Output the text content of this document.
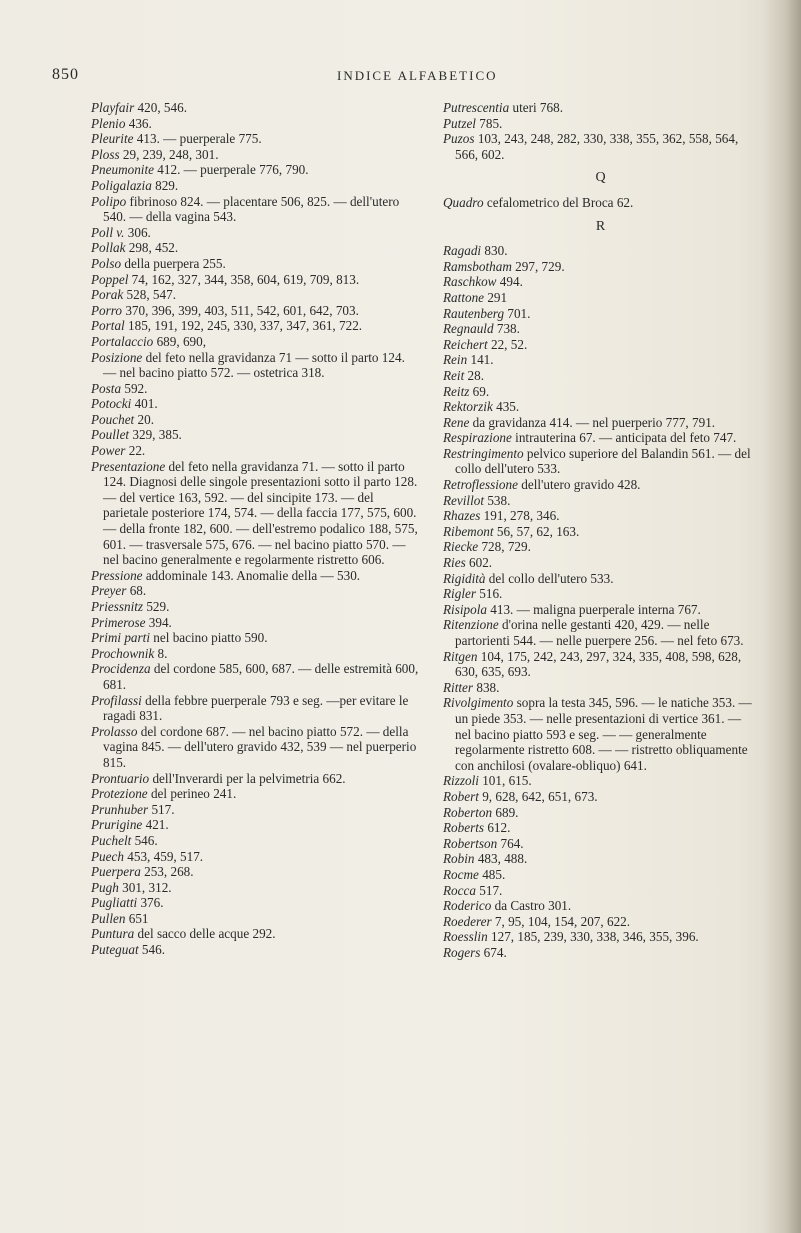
850	INDICE ALFABETICO

Playfair 420, 546.

Plenio 436.

Pleurite 413. — puerperale 775.

Ploss 29, 239, 248, 301.

Pneumonite 412. — puerperale 776, 790.

Poligalazia 829.

Polipo fibrinoso 824. — placentare 506, 825. — dell'utero 540. — della vagina 543.

Poll v. 306.

Pollak 298, 452.

Polso della puerpera 255.

Poppel 74, 162, 327, 344, 358, 604, 619, 709, 813.

Porak 528, 547.

Porro 370, 396, 399, 403, 511, 542, 601, 642, 703.

Portal 185, 191, 192, 245, 330, 337, 347, 361, 722.

Portalaccio 689, 690,

Posizione del feto nella gravidanza 71 — sotto il parto 124. — nel bacino piatto 572. — ostetrica 318.

Posta 592.

Potocki 401.

Pouchet 20.

Poullet 329, 385.

Power 22.

Presentazione del feto nella gravidanza 71. — sotto il parto 124. Diagnosi delle singole presentazioni sotto il parto 128. — del vertice 163, 592. — del sincipite 173. — del parietale posteriore 174, 574. — della faccia 177, 575, 600. — della fronte 182, 600. — dell'estremo podalico 188, 575, 601. — trasversale 575, 676. — nel bacino piatto 570. — nel bacino generalmente e regolarmente ristretto 606.

Pressione addominale 143. Anomalie della — 530.

Preyer 68.

Priessnitz 529.

Primerose 394.

Primi parti nel bacino piatto 590.

Prochownik 8.

Procidenza del cordone 585, 600, 687. — delle estremità 600, 681.

Profilassi della febbre puerperale 793 e seg. —per evitare le ragadi 831.

Prolasso del cordone 687. — nel bacino piatto 572. — della vagina 845. — dell'utero gravido 432, 539 — nel puerperio 815.

Prontuario dell'Inverardi per la pelvimetria 662.

Protezione del perineo 241.

Prunhuber 517.

Prurigine 421.

Puchelt 546.

Puech 453, 459, 517.

Puerpera 253, 268.

Pugh 301, 312.

Pugliatti 376.

Pullen 651

Puntura del sacco delle acque 292.

Puteguat 546.

Putrescentia uteri 768.

Putzel 785.

Puzos 103, 243, 248, 282, 330, 338, 355, 362, 558, 564, 566, 602.

Q

Quadro cefalometrico del Broca 62.

R

Ragadi 830.

Ramsbotham 297, 729.

Raschkow 494.

Rattone 291

Rautenberg 701.

Regnauld 738.

Reichert 22, 52.

Rein 141.

Reit 28.

Reitz 69.

Rektorzik 435.

Rene da gravidanza 414. — nel puerperio 777, 791.

Respirazione intrauterina 67. — anticipata del feto 747.

Restringimento pelvico superiore del Balandin 561. — del collo dell'utero 533.

Retroflessione dell'utero gravido 428.

Revillot 538.

Rhazes 191, 278, 346.

Ribemont 56, 57, 62, 163.

Riecke 728, 729.

Ries 602.

Rigidità del collo dell'utero 533.

Rigler 516.

Risipola 413. — maligna puerperale interna 767.

Ritenzione d'orina nelle gestanti 420, 429. — nelle partorienti 544. — nelle puerpere 256. — nel feto 673.

Ritgen 104, 175, 242, 243, 297, 324, 335, 408, 598, 628, 630, 635, 693.

Ritter 838.

Rivolgimento sopra la testa 345, 596. — le natiche 353. — un piede 353. — nelle presentazioni di vertice 361. — nel bacino piatto 593 e seg. — — generalmente regolarmente ristretto 608. — — ristretto obliquamente con anchilosi (ovalare-obliquo) 641.

Rizzoli 101, 615.

Robert 9, 628, 642, 651, 673.

Roberton 689.

Roberts 612.

Robertson 764.

Robin 483, 488.

Rocme 485.

Rocca 517.

Roderico da Castro 301.

Roederer 7, 95, 104, 154, 207, 622.

Roesslin 127, 185, 239, 330, 338, 346, 355, 396.

Rogers 674.
